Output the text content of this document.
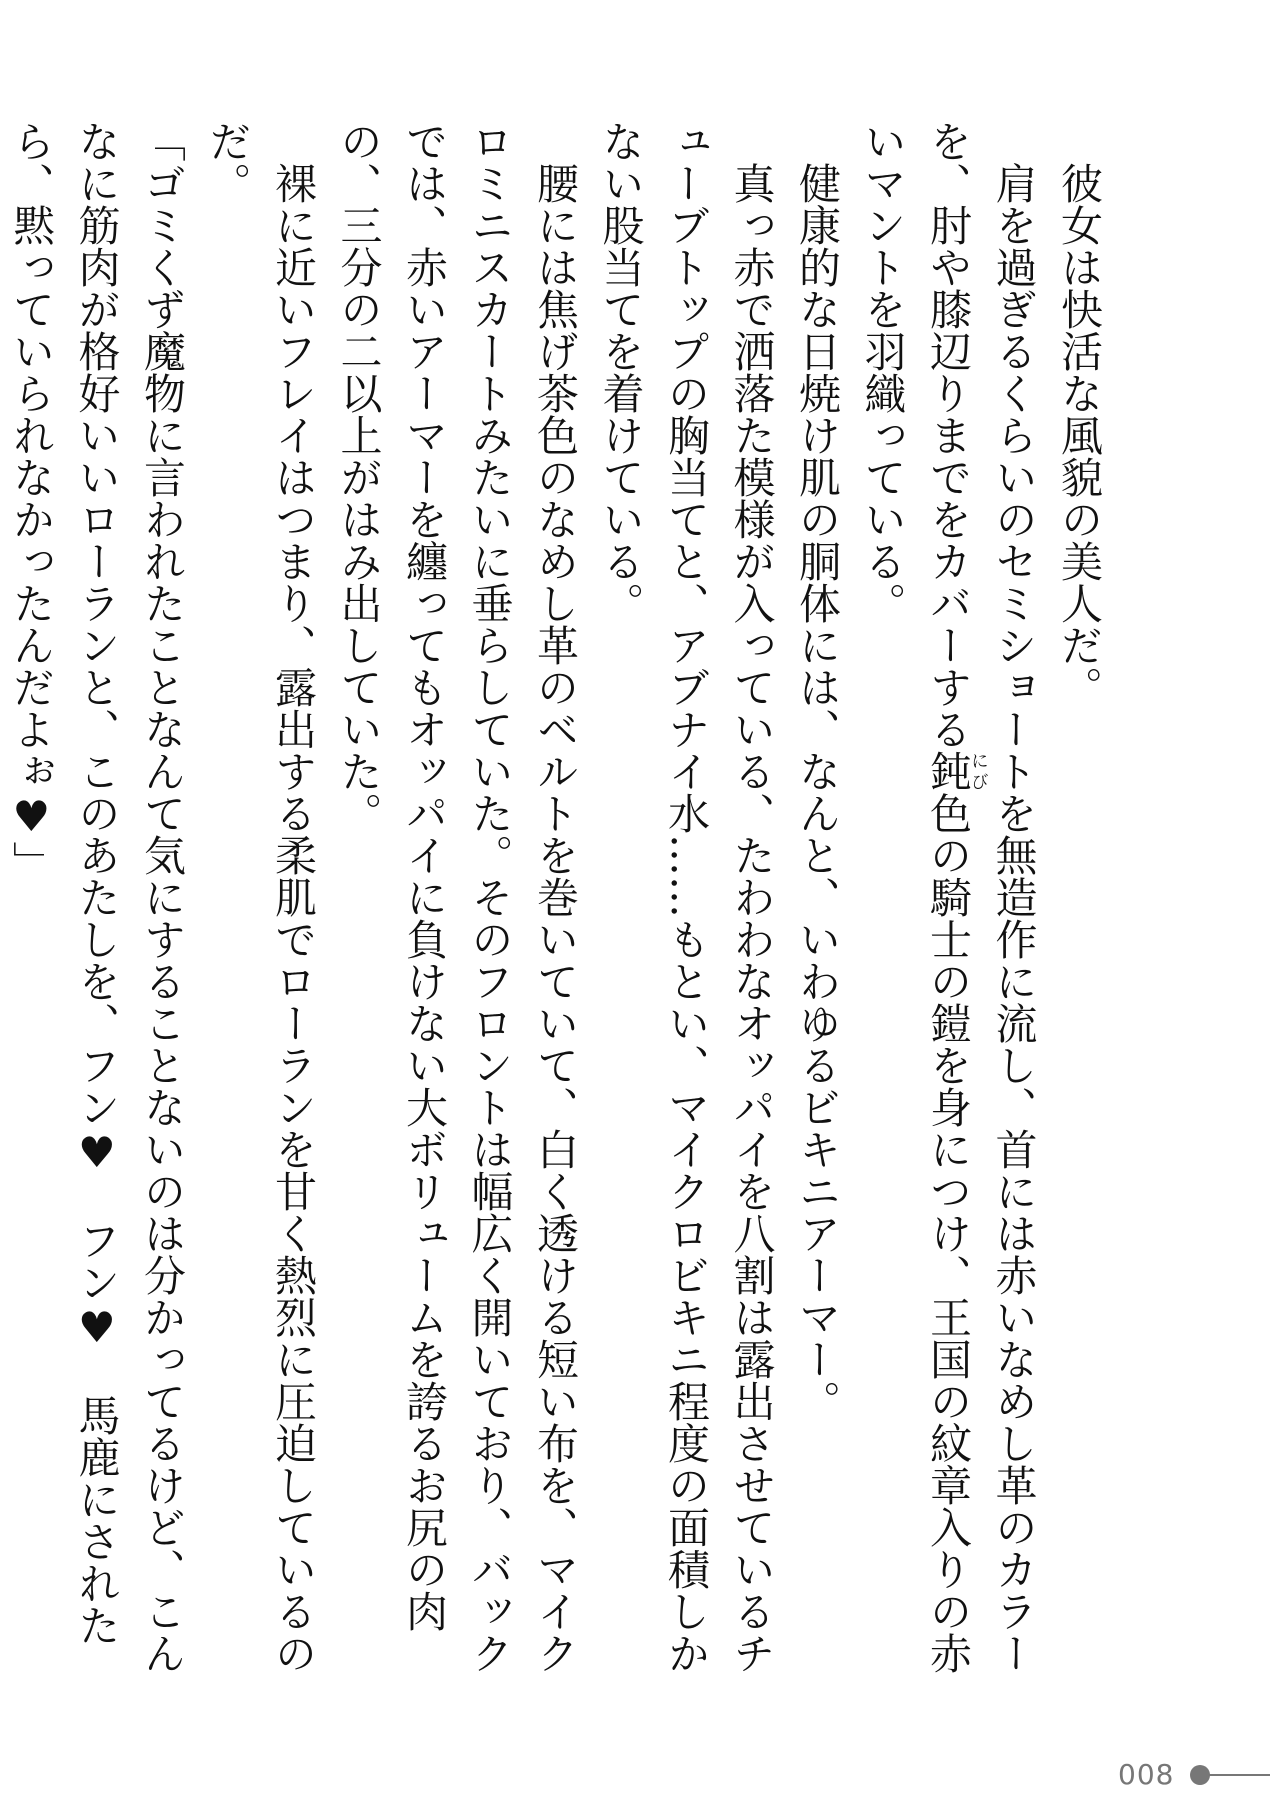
彼女は快活な風貌の美人だ。

肩を過ぎるくらいのセミショートを無造作に流し、首には赤いなめし革のカラーを、肘や膝辺りまでをカバーする鈍にび色の騎士の鎧を身につけ、王国の紋章入りの赤いマントを羽織っている。

健康的な日焼け肌の胴体には、なんと、いわゆるビキニアーマー。

真っ赤で洒落た模様が入っている、たわわなオッパイを八割は露出させているチューブトップの胸当てと、アブナイ水……もとい、マイクロビキニ程度の面積しかない股当てを着けている。

腰には焦げ茶色のなめし革のベルトを巻いていて、白く透ける短い布を、マイクロミニスカートみたいに垂らしていた。そのフロントは幅広く開いており、バックでは、赤いアーマーを纏ってもオッパイに負けない大ボリュームを誇るお尻の肉の、三分の二以上がはみ出していた。

裸に近いフレイはつまり、露出する柔肌でローランを甘く熱烈に圧迫しているのだ。

「ゴミくず魔物に言われたことなんて気にすることないのは分かってるけど、こんなに筋肉が格好いいローランと、このあたしを、フン♥　フン♥　馬鹿にされたら、黙っていられなかったんだよぉ♥」

008
